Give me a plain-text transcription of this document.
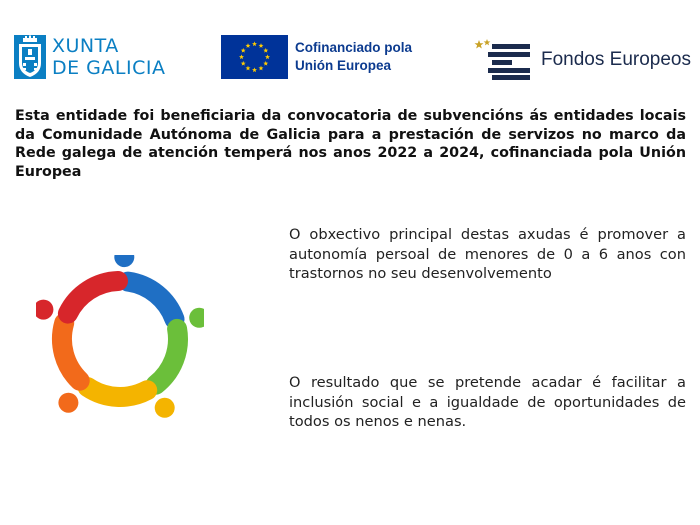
XUNTA
DE GALICIA
Cofinanciado pola
Unión Europea	Fondos Europeos

Esta entidade foi beneficiaria da convocatoria de subvencións ás entidades locais da Comunidade Autónoma de Galicia para a prestación de servizos no marco da Rede galega de atención temperá nos anos 2022 a 2024, cofinanciada pola Unión Europea

O obxectivo principal destas axudas é promover a autonomía persoal de menores de 0 a 6 anos con trastornos no seu desenvolvemento

O resultado que se pretende acadar é facilitar a inclusión social e a igualdade de oportunidades de todos os nenos e nenas.
